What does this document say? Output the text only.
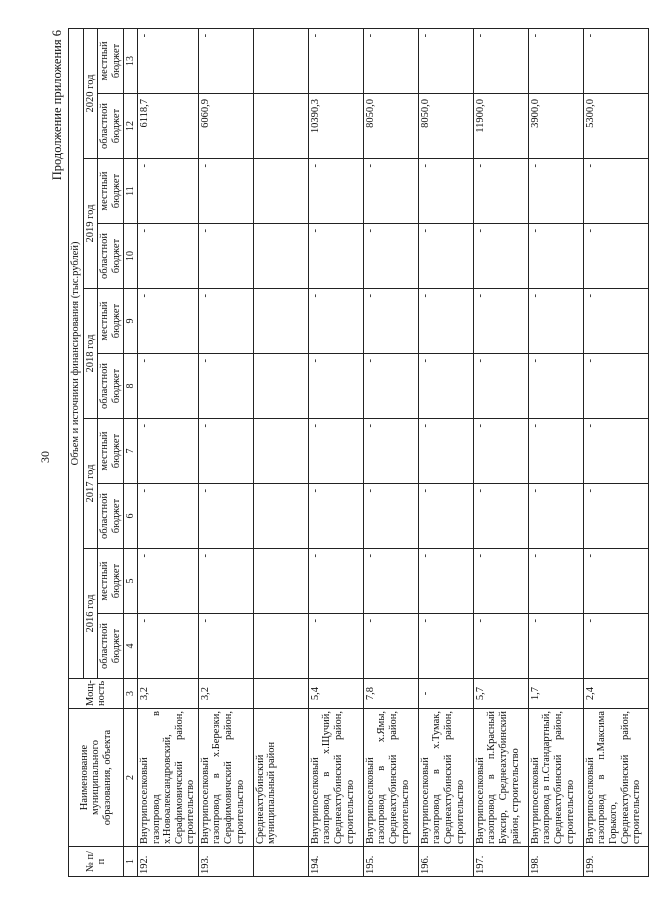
30
Продолжение приложения 6
№ п/п	Наименование муниципального образования, объекта	Мощ-ность	Объем и источники финансирования (тыс.рублей)									
			2016 год		2017 год		2018 год		2019 год		2020 год	
			областной бюджет	местный бюджет	областной бюджет	местный бюджет	областной бюджет	местный бюджет	областной бюджет	местный бюджет	областной бюджет	местный бюджет
1	2	3	4	5	6	7	8	9	10	11	12	13
192.	Внутрипоселковый газопровод в х.Новоалександровский, Серафимовичский район, строительство	3,2	-	-	-	-	-	-	-	-	6118,7	-
193.	Внутрипоселковый газопровод в х.Березки, Серафимовичский район, строительство	3,2	-	-	-	-	-	-	-	-	6060,9	-
	Среднеахтубинский муниципальный район											
194.	Внутрипоселковый газопровод в х.Щучий, Среднеахтубинский район, строительство	5,4	-	-	-	-	-	-	-	-	10390,3	-
195.	Внутрипоселковый газопровод в х.Ямы, Среднеахтубинский район, строительство	7,8	-	-	-	-	-	-	-	-	8050,0	-
196.	Внутрипоселковый газопровод в х.Тумак, Среднеахтубинский район, строительство	-	-	-	-	-	-	-	-	-	8050,0	-
197.	Внутрипоселковый газопровод в п.Красный Буксир, Среднеахтубинский район, строительство	5,7	-	-	-	-	-	-	-	-	11900,0	-
198.	Внутрипоселковый газопровод в п.Стандартный, Среднеахтубинский район, строительство	1,7	-	-	-	-	-	-	-	-	3900,0	-
199.	Внутрипоселковый газопровод в п.Максима Горького, Среднеахтубинский район, строительство	2,4	-	-	-	-	-	-	-	-	5300,0	-
